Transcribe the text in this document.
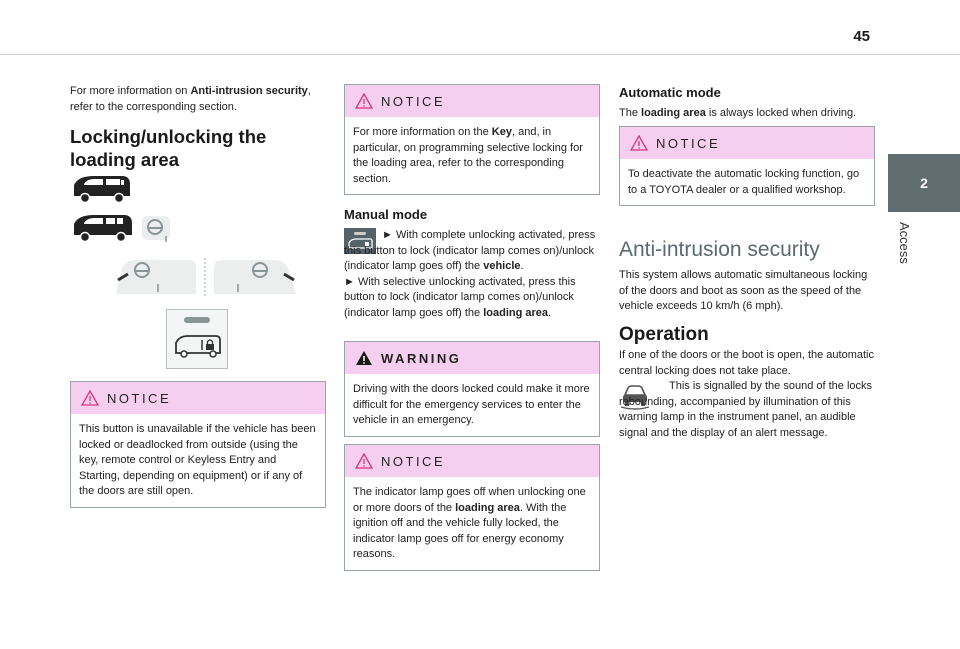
45
2
Access

For more information on Anti-intrusion security, refer to the corresponding section.

Locking/unlocking the loading area
NOTICE

This button is unavailable if the vehicle has been locked or deadlocked from outside (using the key, remote control or Keyless Entry and Starting, depending on equipment) or if any of the doors are still open.

NOTICE

For more information on the Key, and, in particular, on programming selective locking for the loading area, refer to the corresponding section.

Manual mode

► With complete unlocking activated, press this button to lock (indicator lamp comes on)/unlock (indicator lamp goes off) the vehicle.

► With selective unlocking activated, press this button to lock (indicator lamp comes on)/unlock (indicator lamp goes off) the loading area.

WARNING

Driving with the doors locked could make it more difficult for the emergency services to enter the vehicle in an emergency.

NOTICE

The indicator lamp goes off when unlocking one or more doors of the loading area. With the ignition off and the vehicle fully locked, the indicator lamp goes off for energy economy reasons.

Automatic mode

The loading area is always locked when driving.

NOTICE

To deactivate the automatic locking function, go to a TOYOTA dealer or a qualified workshop.

Anti-intrusion security

This system allows automatic simultaneous locking of the doors and boot as soon as the speed of the vehicle exceeds 10 km/h (6 mph).

Operation

If one of the doors or the boot is open, the automatic central locking does not take place.

This is signalled by the sound of the locks rebounding, accompanied by illumination of this warning lamp in the instrument panel, an audible signal and the display of an alert message.
